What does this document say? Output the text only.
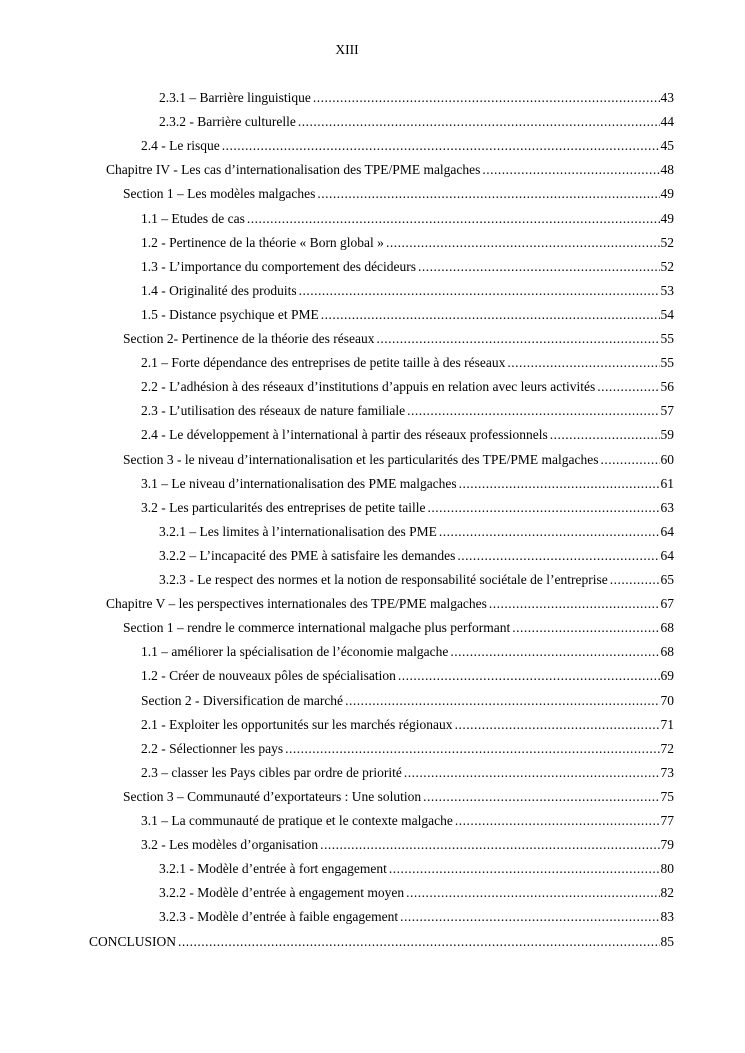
XIII
2.3.1 – Barrière linguistique .....	43
2.3.2 - Barrière culturelle .....	44
2.4 - Le risque .....	45
Chapitre IV - Les cas d’internationalisation des TPE/PME malgaches .....	48
Section 1 – Les modèles malgaches .....	49
1.1 – Etudes de cas .....	49
1.2 - Pertinence de la théorie « Born global » .....	52
1.3 - L’importance du comportement des décideurs .....	52
1.4 - Originalité des produits .....	53
1.5 - Distance psychique et PME .....	54
Section 2- Pertinence de la théorie des réseaux .....	55
2.1 – Forte dépendance des entreprises de petite taille à des réseaux .....	55
2.2 - L’adhésion à des réseaux d’institutions d’appuis en relation avec leurs activités .....	56
2.3 - L’utilisation des réseaux de nature familiale .....	57
2.4 - Le développement à l’international à partir des réseaux professionnels .....	59
Section 3 - le niveau d’internationalisation et les particularités des TPE/PME malgaches .....	60
3.1 – Le niveau d’internationalisation des PME malgaches .....	61
3.2 - Les particularités des entreprises de petite taille .....	63
3.2.1 – Les limites à l’internationalisation des PME .....	64
3.2.2 – L’incapacité des PME à satisfaire les demandes .....	64
3.2.3 - Le respect des normes et la notion de responsabilité sociétale de l’entreprise .....	65
Chapitre V – les perspectives internationales des TPE/PME malgaches .....	67
Section 1 – rendre le commerce international malgache plus performant .....	68
1.1 – améliorer la spécialisation de l’économie malgache .....	68
1.2 - Créer de nouveaux pôles de spécialisation .....	69
Section 2 - Diversification de marché .....	70
2.1 - Exploiter les opportunités sur les marchés régionaux .....	71
2.2 - Sélectionner les pays .....	72
2.3 – classer les Pays cibles par ordre de priorité .....	73
Section 3 – Communauté d’exportateurs : Une solution .....	75
3.1 – La communauté de pratique et le contexte malgache .....	77
3.2 - Les modèles d’organisation .....	79
3.2.1 - Modèle d’entrée à fort engagement .....	80
3.2.2 - Modèle d’entrée à engagement moyen .....	82
3.2.3 - Modèle d’entrée à faible engagement .....	83
CONCLUSION .....	85
